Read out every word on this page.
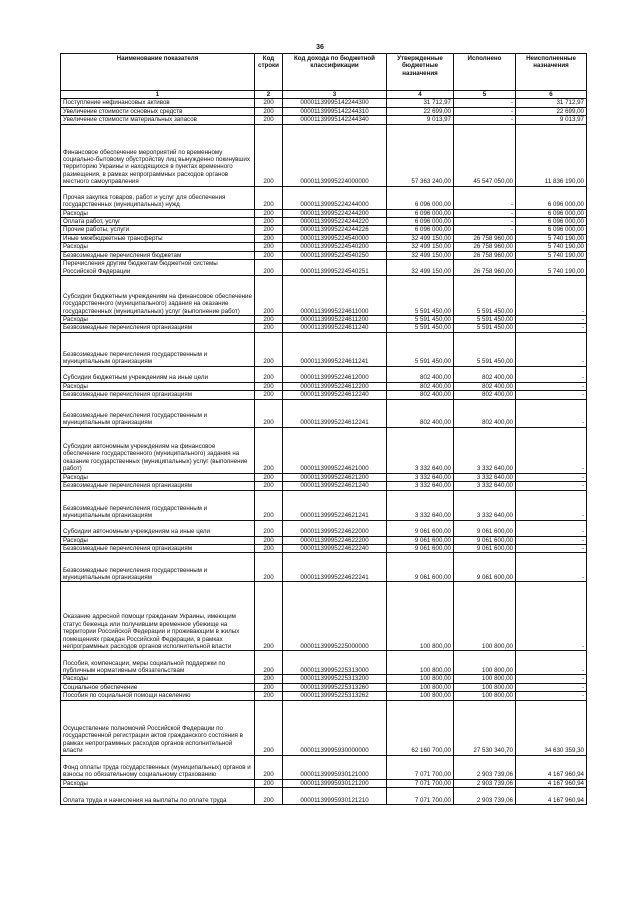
36
Наименование показателя	Код строки	Код дохода по бюджетной классификации	Утвержденные бюджетные назначения	Исполнено	Неисполненные назначения
1	2	3	4	5	6
Поступление нефинансовых активов	200	00001139995142244300	31 712,97	-	31 712,97
Увеличение стоимости основных средств	200	00001139995142244310	22 699,00	-	22 699,00
Увеличение стоимости материальных запасов	200	00001139995142244340	9 013,97	-	9 013,97
Финансовое обеспечение мероприятий по временному социально-бытовому обустройству лиц вынужденно покинувших территорию Украины и находящихся в пунктах временного размещения, в рамках непрограммных расходов органов местного самоуправления	200	00001139995224000000	57 363 240,00	45 547 050,00	11 836 190,00
Прочая закупка товаров, работ и услуг для обеспечения государственных (муниципальных) нужд	200	00001139995224244000	6 096 000,00	-	6 096 000,00
Расходы	200	00001139995224244200	6 096 000,00	-	6 096 000,00
Оплата работ, услуг	200	00001139995224244220	6 096 000,00	-	6 096 000,00
Прочие работы, услуги	200	00001139995224244226	6 096 000,00	-	6 096 000,00
Иные межбюджетные трансферты	200	00001139995224540000	32 499 150,00	26 758 960,00	5 740 190,00
Расходы	200	00001139995224540200	32 499 150,00	26 758 960,00	5 740 190,00
Безвозмездные перечисления бюджетам	200	00001139995224540250	32 499 150,00	26 758 960,00	5 740 190,00
Перечисления другим бюджетам бюджетной системы Российской Федерации	200	00001139995224540251	32 499 150,00	26 758 960,00	5 740 190,00
Субсидии бюджетным учреждениям на финансовое обеспечение государственного (муниципального) задания на оказание государственных (муниципальных) услуг (выполнение работ)	200	00001139995224611000	5 591 450,00	5 591 450,00	-
Расходы	200	00001139995224611200	5 591 450,00	5 591 450,00	-
Безвозмездные перечисления организациям	200	00001139995224611240	5 591 450,00	5 591 450,00	-
Безвозмездные перечисления государственным и муниципальным организациям	200	00001139995224611241	5 591 450,00	5 591 450,00	-
Субсидии бюджетным учреждениям на иные цели	200	00001139995224612000	802 400,00	802 400,00	-
Расходы	200	00001139995224612200	802 400,00	802 400,00	-
Безвозмездные перечисления организациям	200	00001139995224612240	802 400,00	802 400,00	-
Безвозмездные перечисления государственным и муниципальным организациям	200	00001139995224612241	802 400,00	802 400,00	-
Субсидии автономным учреждениям на финансовое обеспечение государственного (муниципального) задания на оказание государственных (муниципальных) услуг (выполнение работ)	200	00001139995224621000	3 332 640,00	3 332 640,00	-
Расходы	200	00001139995224621200	3 332 640,00	3 332 640,00	-
Безвозмездные перечисления организациям	200	00001139995224621240	3 332 640,00	3 332 640,00	-
Безвозмездные перечисления государственным и муниципальным организациям	200	00001139995224621241	3 332 640,00	3 332 640,00	-
Субсидии автономным учреждениям на иные цели	200	00001139995224622000	9 061 600,00	9 061 600,00	-
Расходы	200	00001139995224622200	9 061 600,00	9 061 600,00	-
Безвозмездные перечисления организациям	200	00001139995224622240	9 061 600,00	9 061 600,00	-
Безвозмездные перечисления государственным и муниципальным организациям	200	00001139995224622241	9 061 600,00	9 061 600,00	-
Оказание адресной помощи гражданам Украины, имеющим статус беженца или получившим временное убежище на территории Российской Федерации и проживающим в жилых помещениях граждан Российской Федерации, в рамках непрограммных расходов органов исполнительной власти	200	00001139995225000000	100 800,00	100 800,00	-
Пособия, компенсации, меры социальной поддержки по публичным нормативным обязательствам	200	00001139995225313000	100 800,00	100 800,00	-
Расходы	200	00001139995225313200	100 800,00	100 800,00	-
Социальное обеспечение	200	00001139995225313260	100 800,00	100 800,00	-
Пособия по социальной помощи населению	200	00001139995225313262	100 800,00	100 800,00	-
Осуществление полномочий Российской Федерации по государственной регистрации актов гражданского состояния в рамках непрограммных расходов органов исполнительной власти	200	00001139995930000000	62 160 700,00	27 530 340,70	34 630 359,30
Фонд оплаты труда государственных (муниципальных) органов и взносы по обязательному социальному страхованию	200	00001139995930121000	7 071 700,00	2 903 739,06	4 167 960,94
Расходы	200	00001139995930121200	7 071 700,00	2 903 739,06	4 167 960,94
Оплата труда и начисления на выплаты по оплате труда	200	00001139995930121210	7 071 700,00	2 903 739,06	4 167 960,94
